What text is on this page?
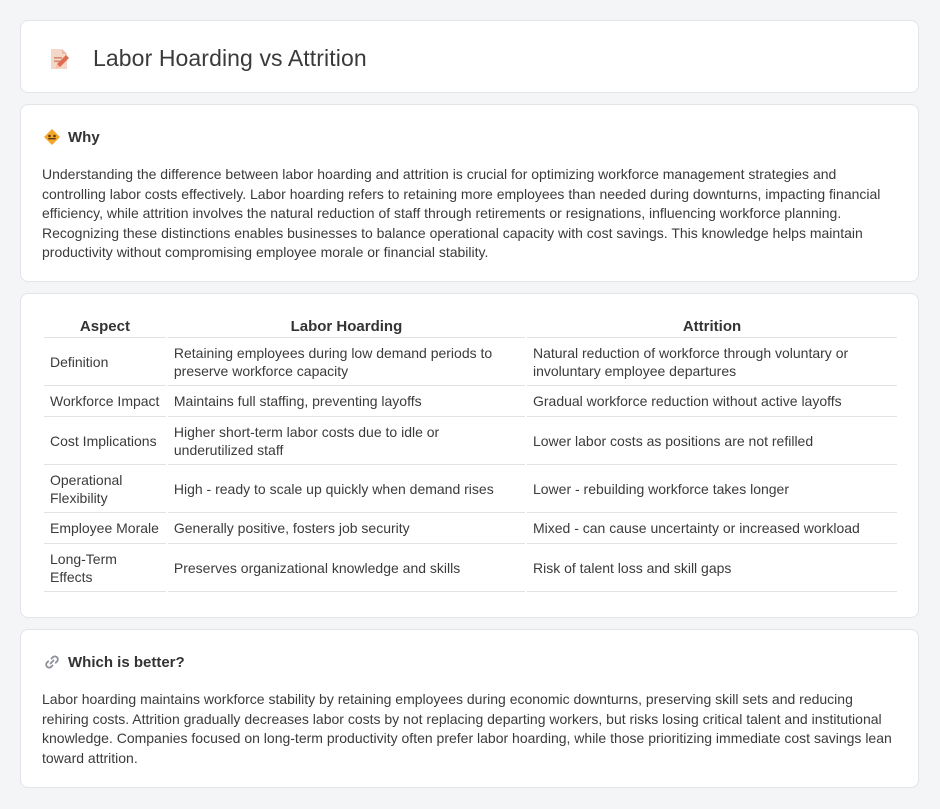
Labor Hoarding vs Attrition
Why

Understanding the difference between labor hoarding and attrition is crucial for optimizing workforce management strategies and controlling labor costs effectively. Labor hoarding refers to retaining more employees than needed during downturns, impacting financial efficiency, while attrition involves the natural reduction of staff through retirements or resignations, influencing workforce planning. Recognizing these distinctions enables businesses to balance operational capacity with cost savings. This knowledge helps maintain productivity without compromising employee morale or financial stability.

Aspect	Labor Hoarding	Attrition
Definition	Retaining employees during low demand periods to preserve workforce capacity	Natural reduction of workforce through voluntary or involuntary employee departures
Workforce Impact	Maintains full staffing, preventing layoffs	Gradual workforce reduction without active layoffs
Cost Implications	Higher short-term labor costs due to idle or underutilized staff	Lower labor costs as positions are not refilled
Operational Flexibility	High - ready to scale up quickly when demand rises	Lower - rebuilding workforce takes longer
Employee Morale	Generally positive, fosters job security	Mixed - can cause uncertainty or increased workload
Long-Term Effects	Preserves organizational knowledge and skills	Risk of talent loss and skill gaps
Which is better?

Labor hoarding maintains workforce stability by retaining employees during economic downturns, preserving skill sets and reducing rehiring costs. Attrition gradually decreases labor costs by not replacing departing workers, but risks losing critical talent and institutional knowledge. Companies focused on long-term productivity often prefer labor hoarding, while those prioritizing immediate cost savings lean toward attrition.
